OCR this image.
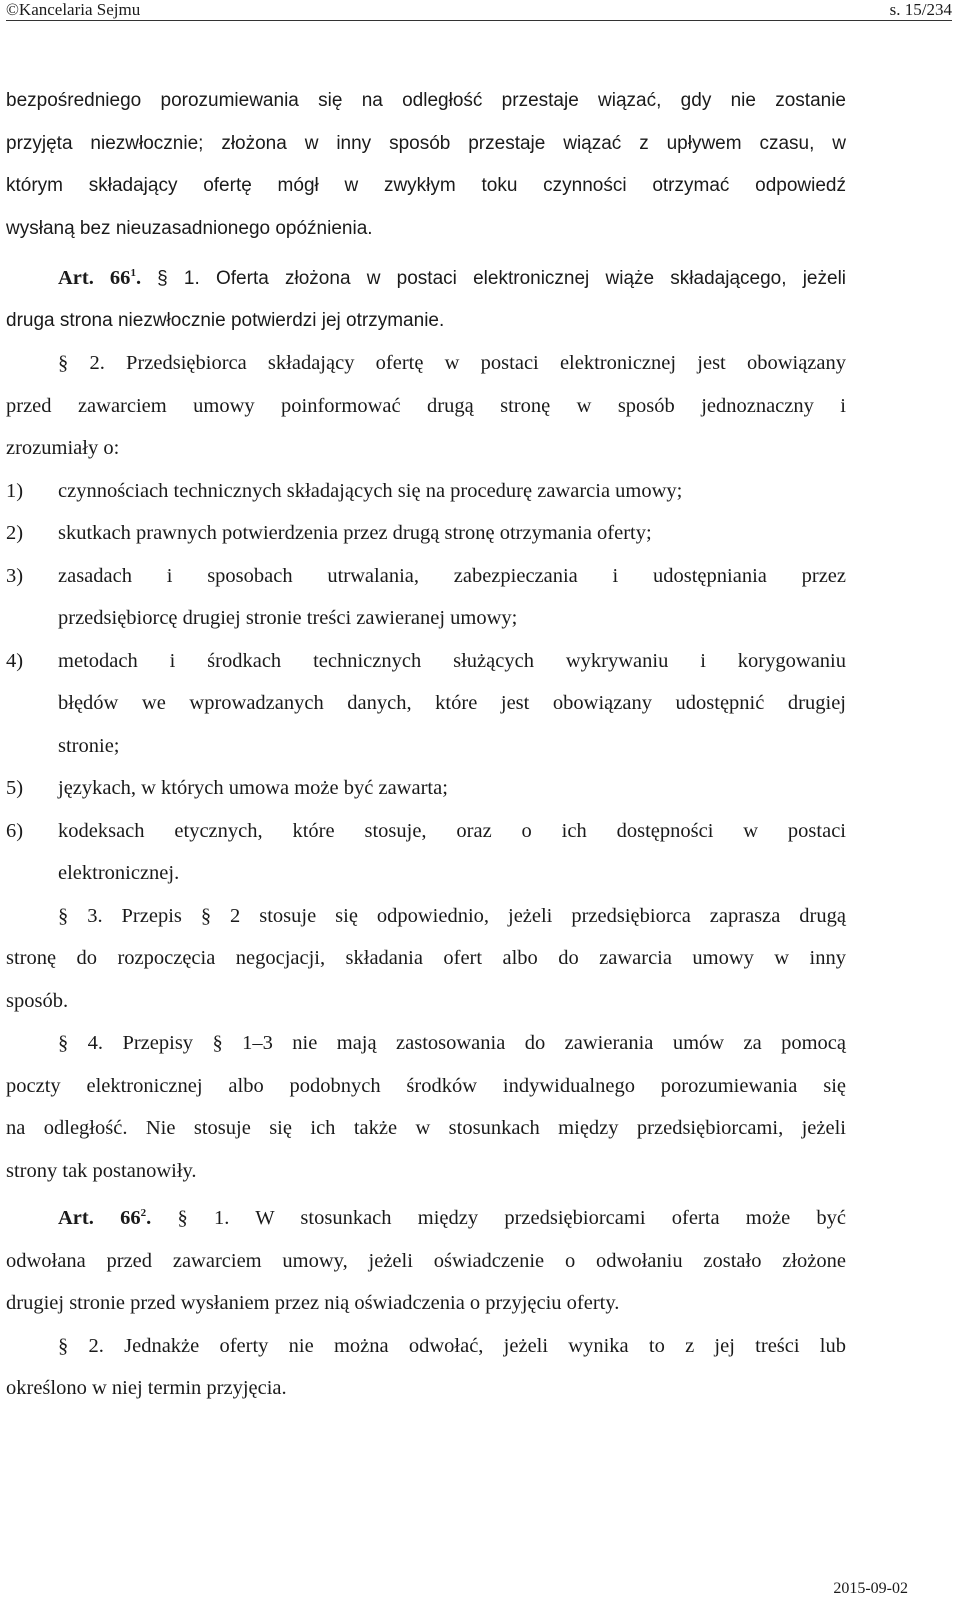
©Kancelaria Sejmu	s. 15/234
bezpośredniego porozumiewania się na odległość przestaje wiązać, gdy nie zostanie
przyjęta niezwłocznie; złożona w inny sposób przestaje wiązać z upływem czasu, w
którym składający ofertę mógł w zwykłym toku czynności otrzymać odpowiedź
wysłaną bez nieuzasadnionego opóźnienia.
Art. $66^1$. § 1. Oferta złożona w postaci elektronicznej wiąże składającego, jeżeli
druga strona niezwłocznie potwierdzi jej otrzymanie.
§ 2. Przedsiębiorca składający ofertę w postaci elektronicznej jest obowiązany
przed zawarciem umowy poinformować drugą stronę w sposób jednoznaczny i
zrozumiały o:
1) czynnościach technicznych składających się na procedurę zawarcia umowy;
2) skutkach prawnych potwierdzenia przez drugą stronę otrzymania oferty;
3)	zasadach i sposobach utrwalania, zabezpieczania i udostępniania przez
przedsiębiorcę drugiej stronie treści zawieranej umowy;
4)	metodach i środkach technicznych służących wykrywaniu i korygowaniu
błędów we wprowadzanych danych, które jest obowiązany udostępnić drugiej
stronie;
5) językach, w których umowa może być zawarta;
6)	kodeksach etycznych, które stosuje, oraz o ich dostępności w postaci
elektronicznej.
§ 3. Przepis § 2 stosuje się odpowiednio, jeżeli przedsiębiorca zaprasza drugą
stronę do rozpoczęcia negocjacji, składania ofert albo do zawarcia umowy w inny
sposób.
§ 4. Przepisy § 1–3 nie mają zastosowania do zawierania umów za pomocą
poczty elektronicznej albo podobnych środków indywidualnego porozumiewania się
na odległość. Nie stosuje się ich także w stosunkach między przedsiębiorcami, jeżeli
strony tak postanowiły.
Art. $66^2$. § 1. W stosunkach między przedsiębiorcami oferta może być
odwołana przed zawarciem umowy, jeżeli oświadczenie o odwołaniu zostało złożone
drugiej stronie przed wysłaniem przez nią oświadczenia o przyjęciu oferty.
§ 2. Jednakże oferty nie można odwołać, jeżeli wynika to z jej treści lub
określono w niej termin przyjęcia.
2015-09-02
